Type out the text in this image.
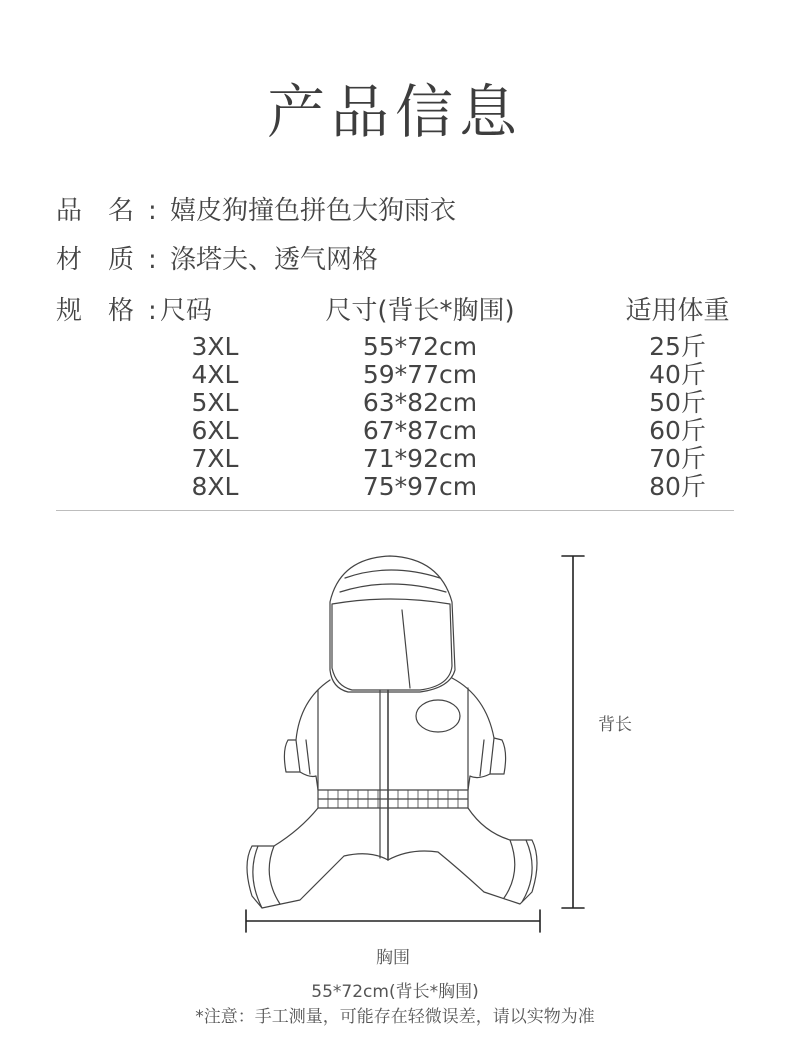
产品信息
品　名 : 嬉皮狗撞色拼色大狗雨衣
材　质 : 涤塔夫、透气网格
规　格 : 尺码	尺寸(背长*胸围)	适用体重
3XL	55*72cm	25斤
4XL	59*77cm	40斤
5XL	63*82cm	50斤
6XL	67*87cm	60斤
7XL	71*92cm	70斤
8XL	75*97cm	80斤
背长
胸围
55*72cm(背长*胸围)
*注意：手工测量，可能存在轻微误差，请以实物为准
